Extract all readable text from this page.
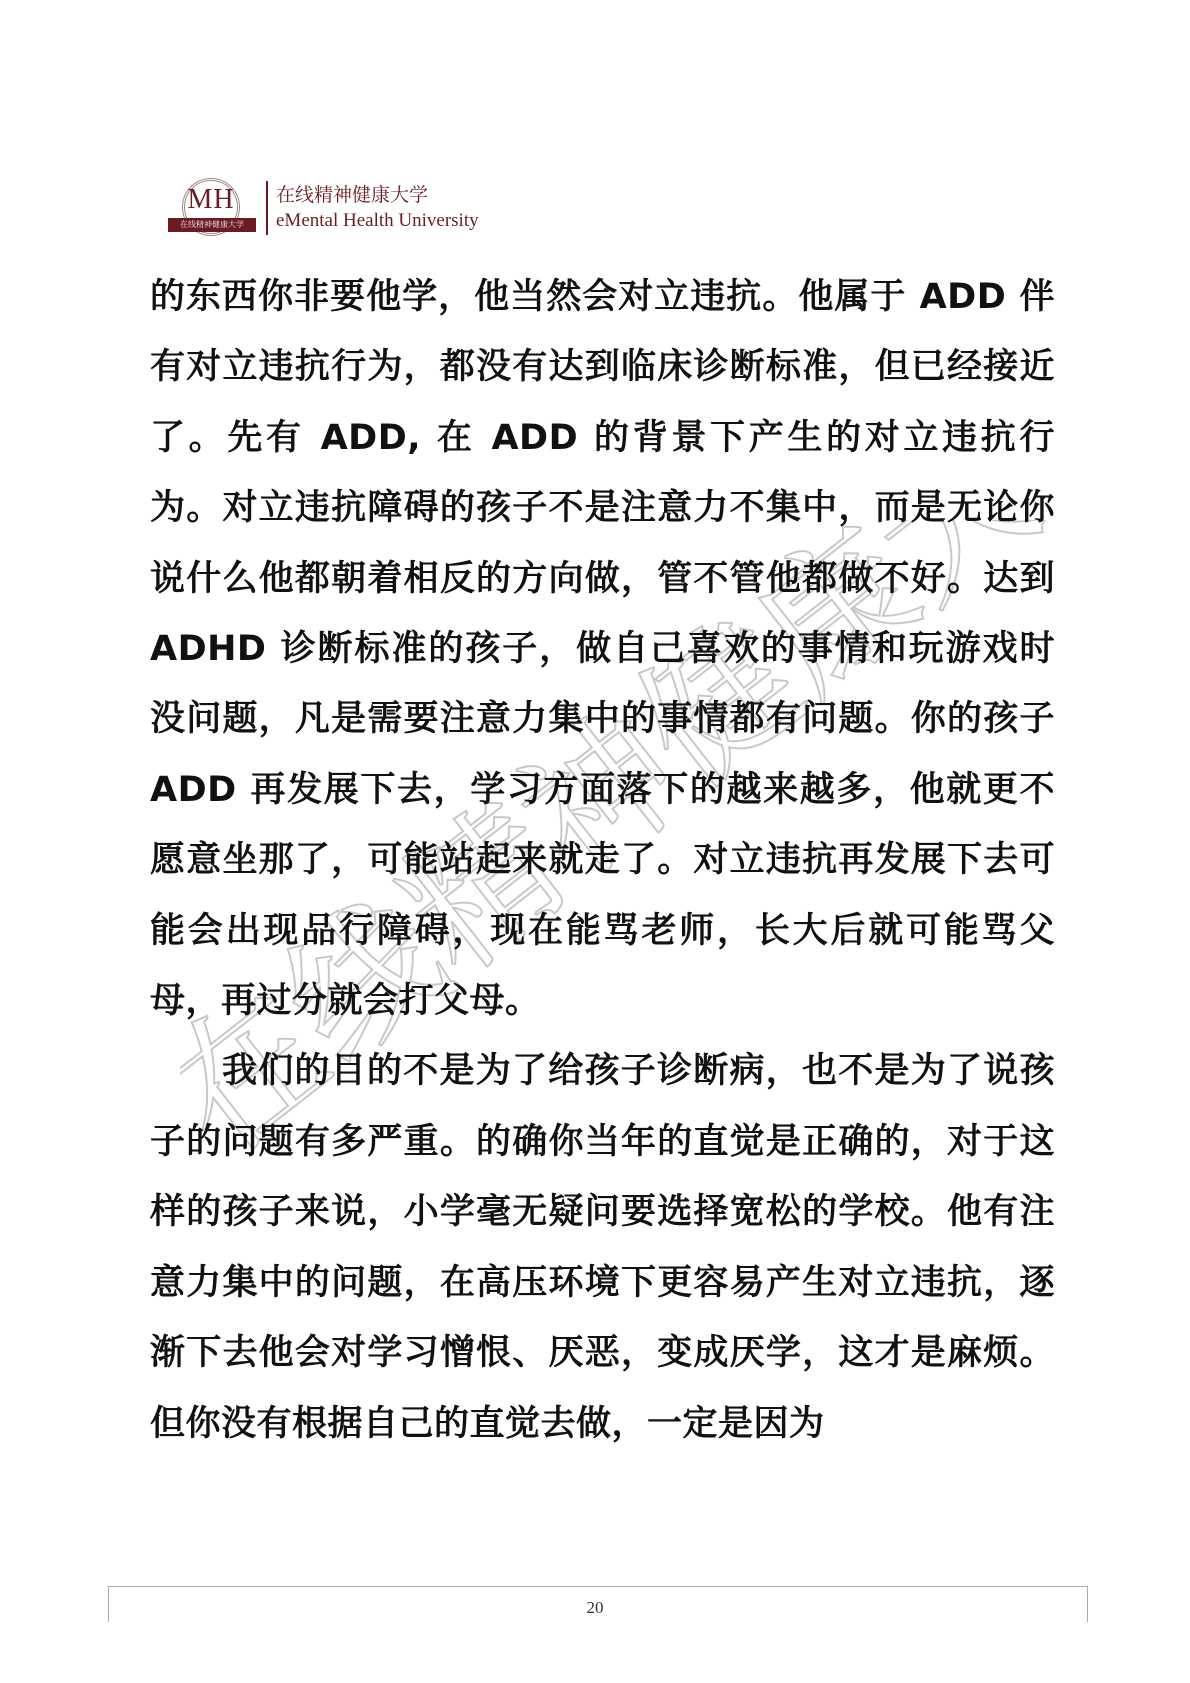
MH
在线精神健康大学
在线精神健康大学
eMental Health University
在线精神健康大学

的东西你非要他学，他当然会对立违抗。他属于 ADD 伴有对立违抗行为，都没有达到临床诊断标准，但已经接近了。先有 ADD, 在 ADD 的背景下产生的对立违抗行为。对立违抗障碍的孩子不是注意力不集中，而是无论你说什么他都朝着相反的方向做，管不管他都做不好。达到 ADHD 诊断标准的孩子，做自己喜欢的事情和玩游戏时没问题，凡是需要注意力集中的事情都有问题。你的孩子 ADD 再发展下去，学习方面落下的越来越多，他就更不愿意坐那了，可能站起来就走了。对立违抗再发展下去可能会出现品行障碍，现在能骂老师，长大后就可能骂父母，再过分就会打父母。

我们的目的不是为了给孩子诊断病，也不是为了说孩子的问题有多严重。的确你当年的直觉是正确的，对于这样的孩子来说，小学毫无疑问要选择宽松的学校。他有注意力集中的问题，在高压环境下更容易产生对立违抗，逐渐下去他会对学习憎恨、厌恶，变成厌学，这才是麻烦。但你没有根据自己的直觉去做，一定是因为

20
